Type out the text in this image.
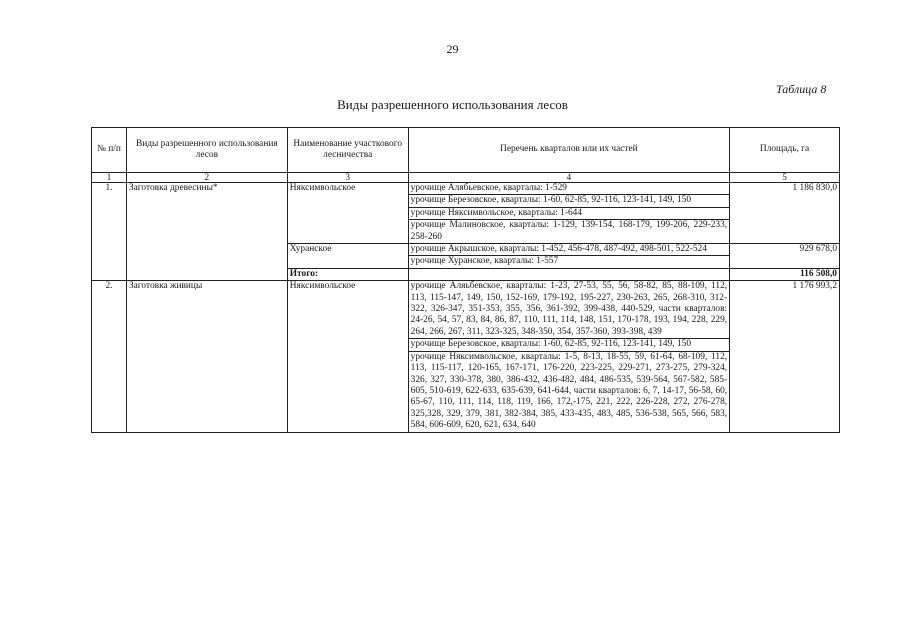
29
Таблица 8
Виды разрешенного использования лесов
№ п/п	Виды разрешенного использования лесов	Наименование участкового лесничества	Перечень кварталов или их частей	Площадь, га
1	2	3	4	5
1.	Заготовка древесины*	Няксимвольское	урочище Алябьевское, кварталы: 1-529	1 186 830,0
			урочище Березовское, кварталы: 1-60, 62-85, 92-116, 123-141, 149, 150	
			урочище Няксимвольское, кварталы: 1-644	
			урочище Малиновское, кварталы: 1-129, 139-154, 168-179, 199-206, 229-233, 258-260	
		Хуранское	урочище Акрышское, кварталы: 1-452, 456-478, 487-492, 498-501, 522-524	929 678,0
			урочище Хуранское, кварталы: 1-557	
		Итого:		116 508,0
2.	Заготовка живицы	Няксимвольское	урочище Аляьбевское, кварталы: 1-23, 27-53, 55, 56, 58-82, 85, 88-109, 112, 113, 115-147, 149, 150, 152-169, 179-192, 195-227, 230-263, 265, 268-310, 312-322, 326-347, 351-353, 355, 356, 361-392, 399-438, 440-529, части кварталов: 24-26, 54, 57, 83, 84, 86, 87, 110, 111, 114, 148, 151, 170-178, 193, 194, 228, 229, 264, 266, 267, 311, 323-325, 348-350, 354, 357-360, 393-398, 439	1 176 993,2
			урочище Березовское, кварталы: 1-60, 62-85, 92-116, 123-141, 149, 150	
			урочище Няксимвольское, кварталы: 1-5, 8-13, 18-55, 59, 61-64, 68-109, 112, 113, 115-117, 120-165, 167-171, 176-220, 223-225, 229-271, 273-275, 279-324, 326, 327, 330-378, 380, 386-432, 436-482, 484, 486-535, 539-564, 567-582, 585-605, 510-619, 622-633, 635-639, 641-644, части кварталов: 6, 7, 14-17, 56-58, 60, 65-67, 110, 111, 114, 118, 119, 166, 172,-175, 221, 222, 226-228, 272, 276-278, 325,328, 329, 379, 381, 382-384, 385, 433-435, 483, 485, 536-538, 565, 566, 583, 584, 606-609, 620, 621, 634, 640	
